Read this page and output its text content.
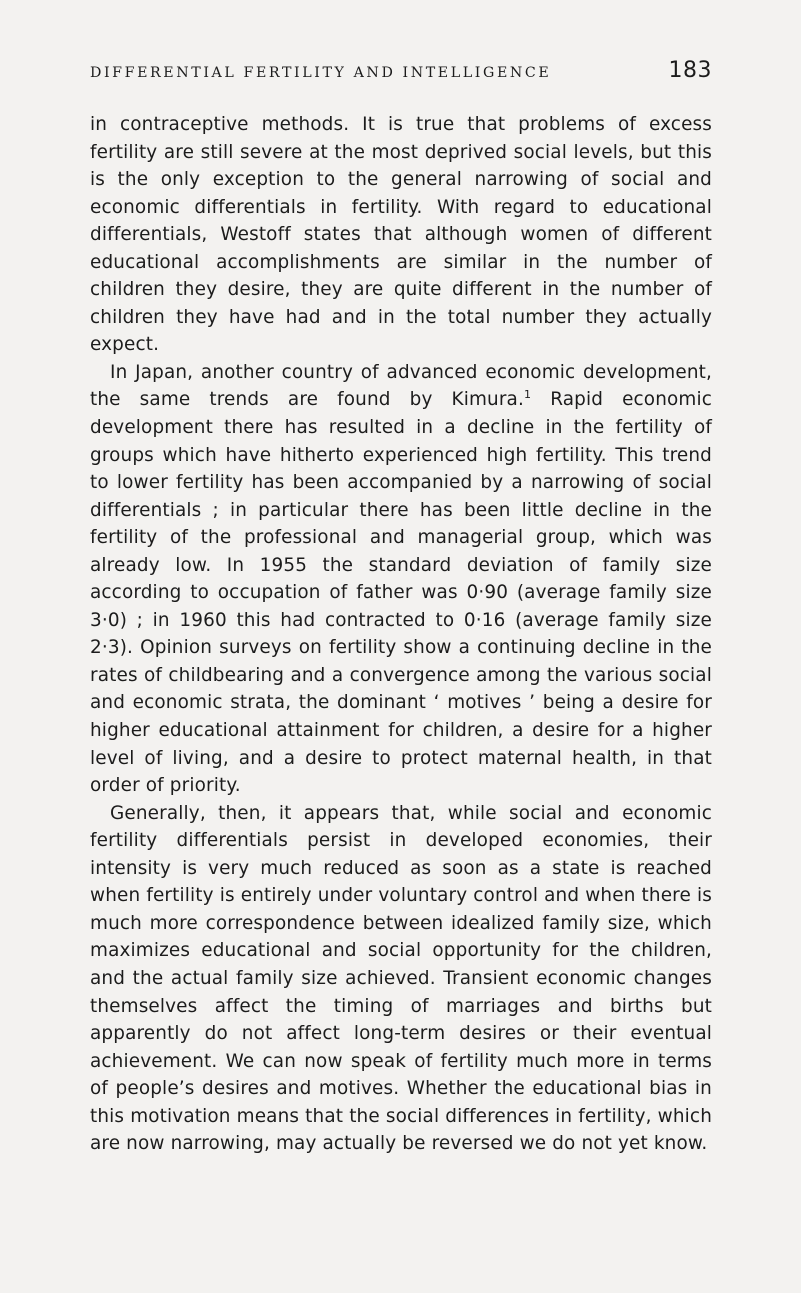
DIFFERENTIAL FERTILITY AND INTELLIGENCE	183

in contraceptive methods. It is true that problems of excess fertility are still severe at the most deprived social levels, but this is the only exception to the general narrowing of social and economic differentials in fertility. With regard to educational differentials, Westoff states that although women of different educational accomplishments are similar in the number of children they desire, they are quite different in the number of children they have had and in the total number they actually expect.

In Japan, another country of advanced economic development, the same trends are found by Kimura.$^1$ Rapid economic development there has resulted in a decline in the fertility of groups which have hitherto experienced high fertility. This trend to lower fertility has been accompanied by a narrowing of social differentials ; in particular there has been little decline in the fertility of the professional and managerial group, which was already low. In 1955 the standard deviation of family size according to occupation of father was 0·90 (average family size 3·0) ; in 1960 this had contracted to 0·16 (average family size 2·3). Opinion surveys on fertility show a continuing decline in the rates of childbearing and a convergence among the various social and economic strata, the dominant ‘ motives ’ being a desire for higher educational attainment for children, a desire for a higher level of living, and a desire to protect maternal health, in that order of priority.

Generally, then, it appears that, while social and economic fertility differentials persist in developed economies, their intensity is very much reduced as soon as a state is reached when fertility is entirely under voluntary control and when there is much more correspondence between idealized family size, which maximizes educational and social opportunity for the children, and the actual family size achieved. Transient economic changes themselves affect the timing of marriages and births but apparently do not affect long-term desires or their eventual achievement. We can now speak of fertility much more in terms of people’s desires and motives. Whether the educational bias in this motivation means that the social differences in fertility, which are now narrowing, may actually be reversed we do not yet know.
